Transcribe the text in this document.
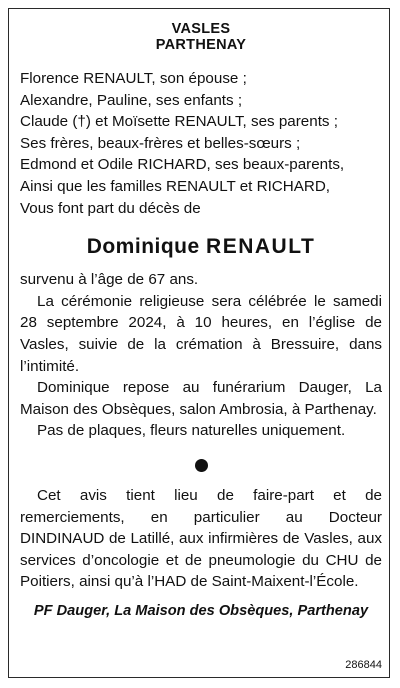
VASLES
PARTHENAY
Florence RENAULT, son épouse ;
Alexandre, Pauline, ses enfants ;
Claude (†) et Moïsette RENAULT, ses parents ;
Ses frères, beaux-frères et belles-sœurs ;
Edmond et Odile RICHARD, ses beaux-parents,
Ainsi que les familles RENAULT et RICHARD,
Vous font part du décès de
Dominique RENAULT

survenu à l’âge de 67 ans.

La cérémonie religieuse sera célébrée le samedi 28 septembre 2024, à 10 heures, en l’église de Vasles, suivie de la crémation à Bressuire, dans l’intimité.

Dominique repose au funérarium Dauger, La Maison des Obsèques, salon Ambrosia, à Parthenay.

Pas de plaques, fleurs naturelles uniquement.

Cet avis tient lieu de faire-part et de remerciements, en particulier au Docteur DINDINAUD de Latillé, aux infirmières de Vasles, aux services d’oncologie et de pneumologie du CHU de Poitiers, ainsi qu’à l’HAD de Saint-Maixent-l’École.

PF Dauger, La Maison des Obsèques, Parthenay
286844
